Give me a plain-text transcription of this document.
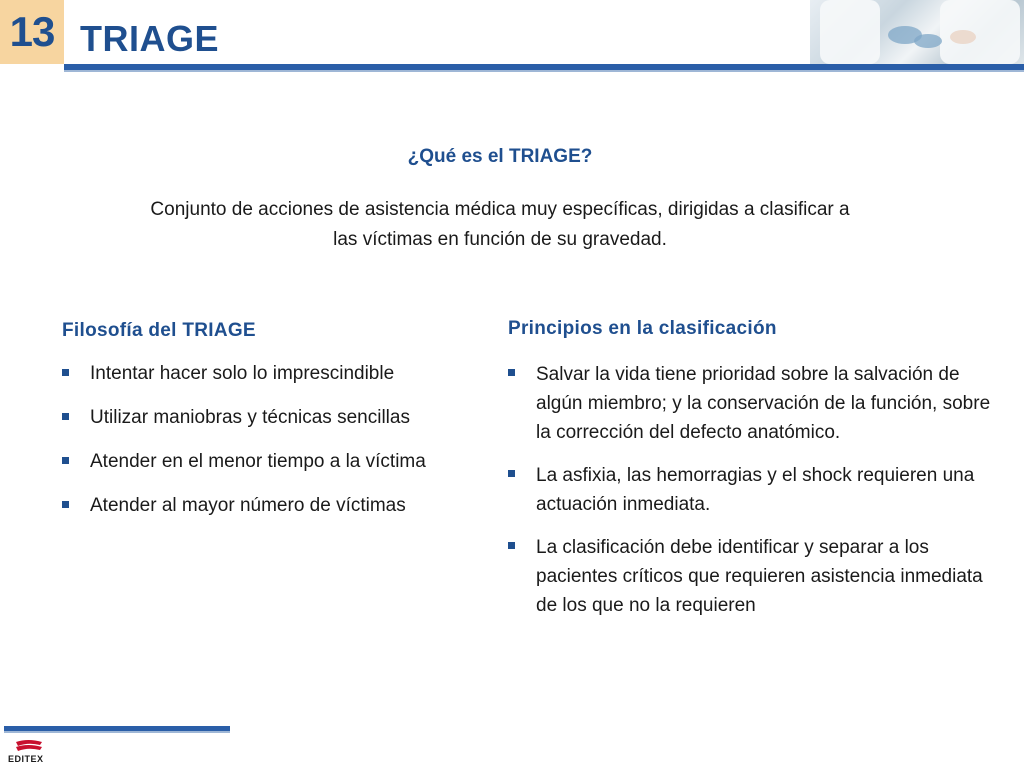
13 TRIAGE
¿Qué es el TRIAGE?
Conjunto de acciones de asistencia médica muy específicas, dirigidas a clasificar a las víctimas en función de su gravedad.
Filosofía del TRIAGE
Intentar hacer solo lo imprescindible
Utilizar maniobras y técnicas sencillas
Atender en el menor tiempo a la víctima
Atender al mayor número de víctimas
Principios en la clasificación
Salvar la vida tiene prioridad sobre la salvación de algún miembro; y la conservación de la función, sobre la corrección del defecto anatómico.
La asfixia, las hemorragias y el shock requieren una actuación inmediata.
La clasificación debe identificar y separar a los pacientes críticos que requieren asistencia inmediata de los que no la requieren
EDITEX
